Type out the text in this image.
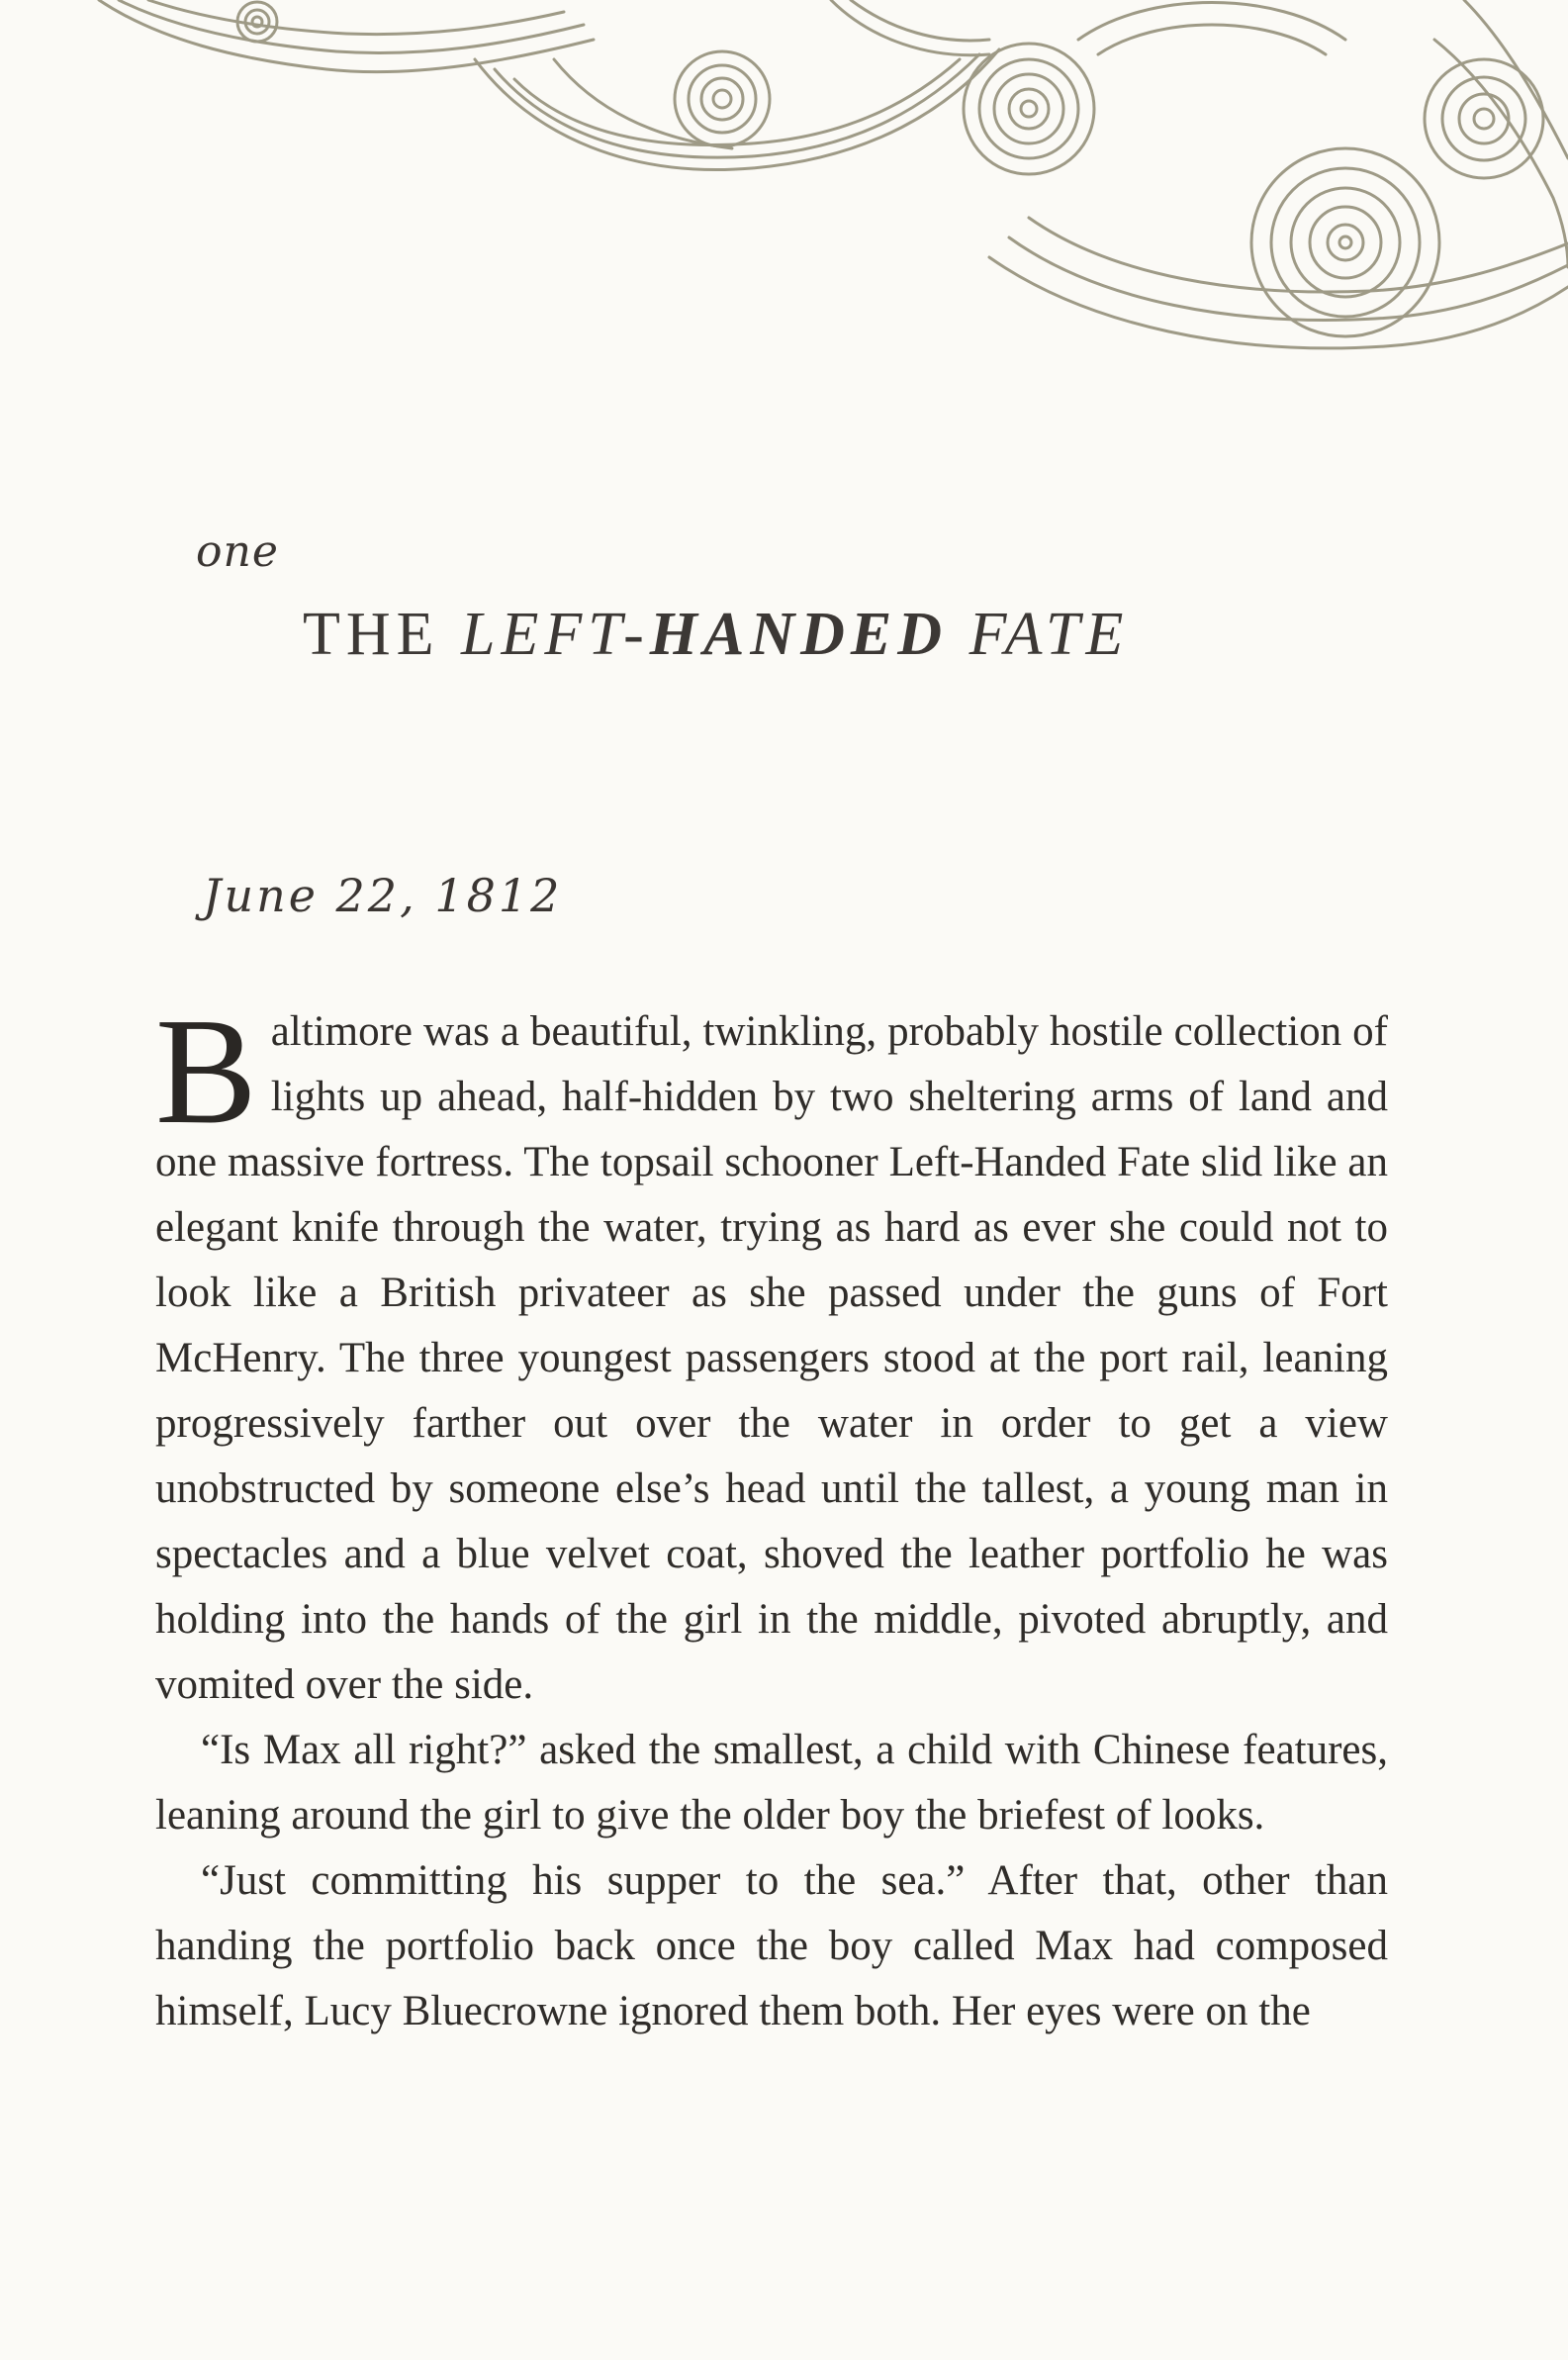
one
THE LEFT-HANDED FATE
June 22, 1812

Baltimore was a beautiful, twinkling, probably hostile collection of lights up ahead, half-hidden by two sheltering arms of land and one massive fortress. The topsail schooner Left-Handed Fate slid like an elegant knife through the water, trying as hard as ever she could not to look like a British privateer as she passed under the guns of Fort McHenry. The three youngest passengers stood at the port rail, leaning progressively farther out over the water in order to get a view unobstructed by someone else’s head until the tallest, a young man in spectacles and a blue velvet coat, shoved the leather portfolio he was holding into the hands of the girl in the middle, pivoted abruptly, and vomited over the side.

“Is Max all right?” asked the smallest, a child with Chinese features, leaning around the girl to give the older boy the briefest of looks.

“Just committing his supper to the sea.” After that, other than handing the portfolio back once the boy called Max had composed himself, Lucy Bluecrowne ignored them both. Her eyes were on the
